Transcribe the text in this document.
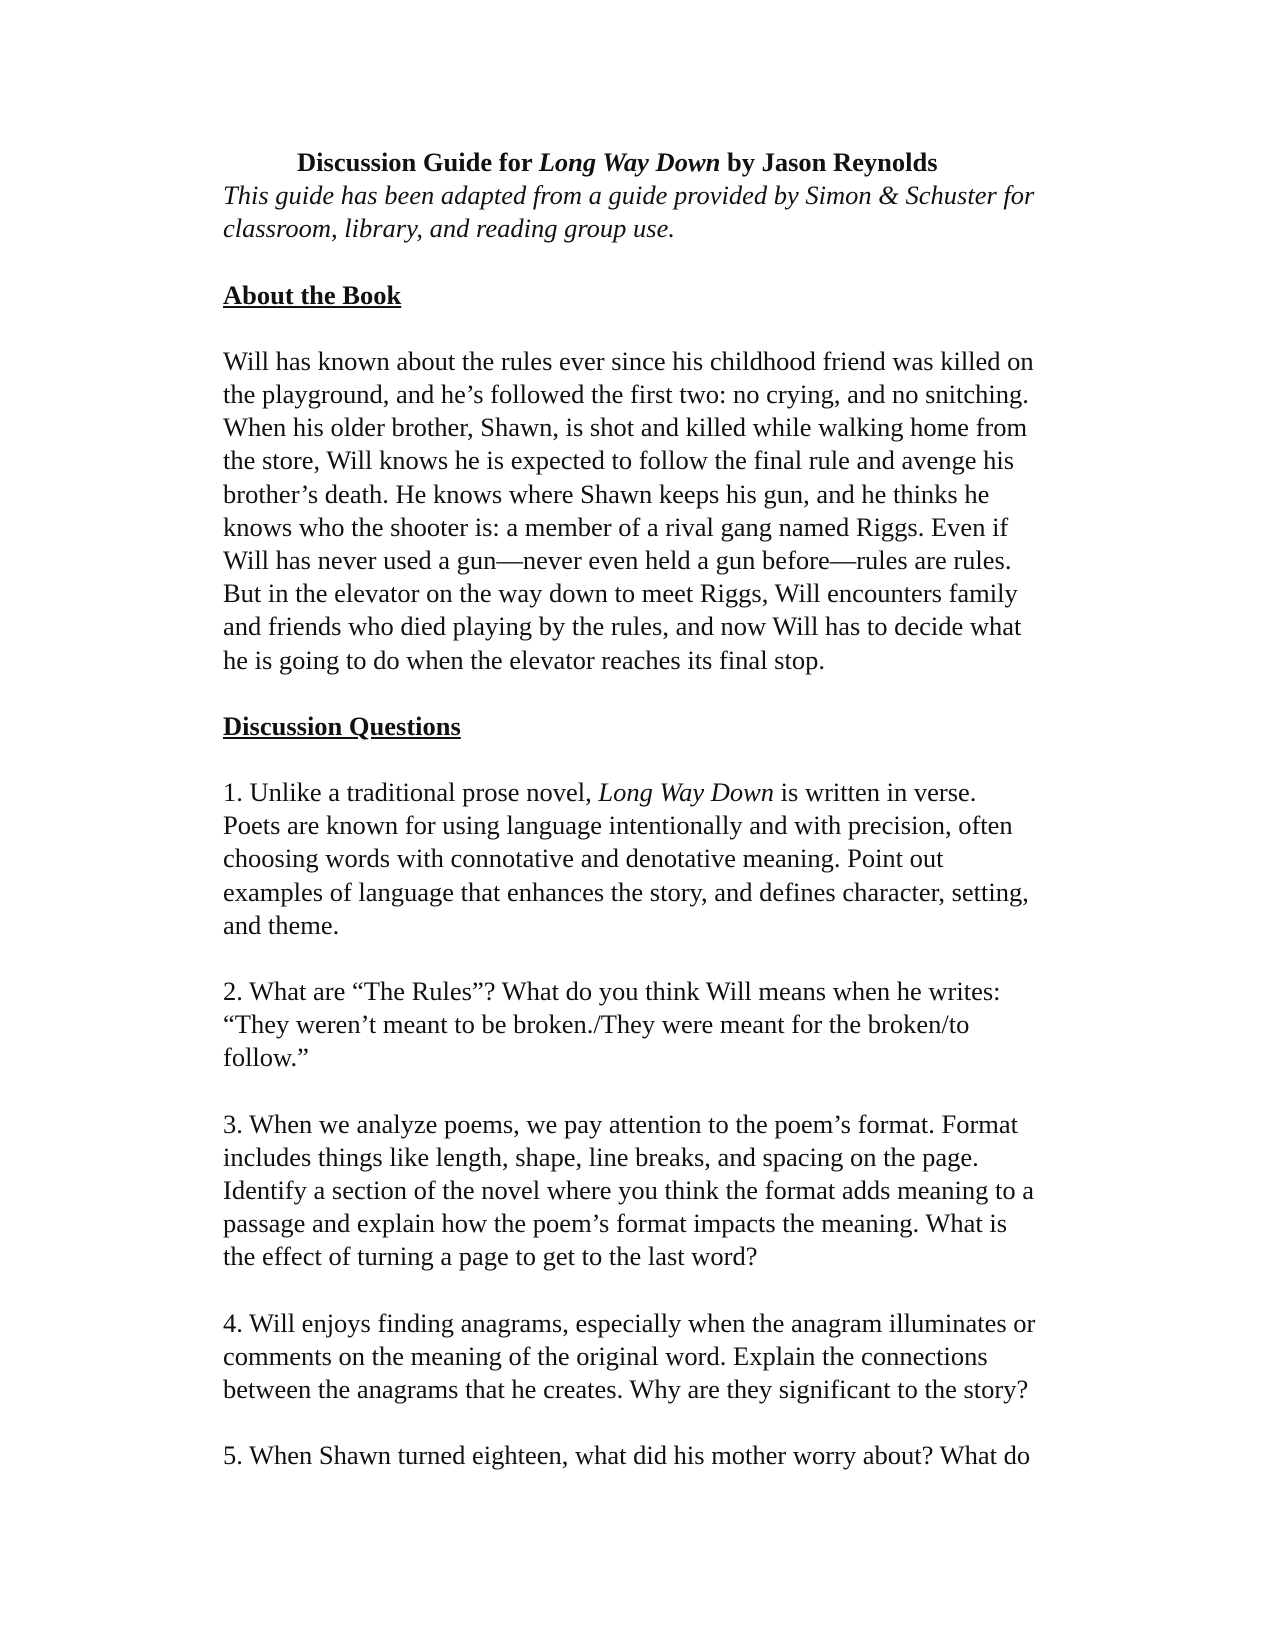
Discussion Guide for Long Way Down by Jason Reynolds

This guide has been adapted from a guide provided by Simon & Schuster for
classroom, library, and reading group use.

About the Book

Will has known about the rules ever since his childhood friend was killed on
the playground, and he’s followed the first two: no crying, and no snitching.
When his older brother, Shawn, is shot and killed while walking home from
the store, Will knows he is expected to follow the final rule and avenge his
brother’s death. He knows where Shawn keeps his gun, and he thinks he
knows who the shooter is: a member of a rival gang named Riggs. Even if
Will has never used a gun—never even held a gun before—rules are rules.
But in the elevator on the way down to meet Riggs, Will encounters family
and friends who died playing by the rules, and now Will has to decide what
he is going to do when the elevator reaches its final stop.

Discussion Questions

1. Unlike a traditional prose novel, Long Way Down is written in verse.
Poets are known for using language intentionally and with precision, often
choosing words with connotative and denotative meaning. Point out
examples of language that enhances the story, and defines character, setting,
and theme.

2. What are “The Rules”? What do you think Will means when he writes:
“They weren’t meant to be broken./They were meant for the broken/to
follow.”

3. When we analyze poems, we pay attention to the poem’s format. Format
includes things like length, shape, line breaks, and spacing on the page.
Identify a section of the novel where you think the format adds meaning to a
passage and explain how the poem’s format impacts the meaning. What is
the effect of turning a page to get to the last word?

4. Will enjoys finding anagrams, especially when the anagram illuminates or
comments on the meaning of the original word. Explain the connections
between the anagrams that he creates. Why are they significant to the story?

5. When Shawn turned eighteen, what did his mother worry about? What do
